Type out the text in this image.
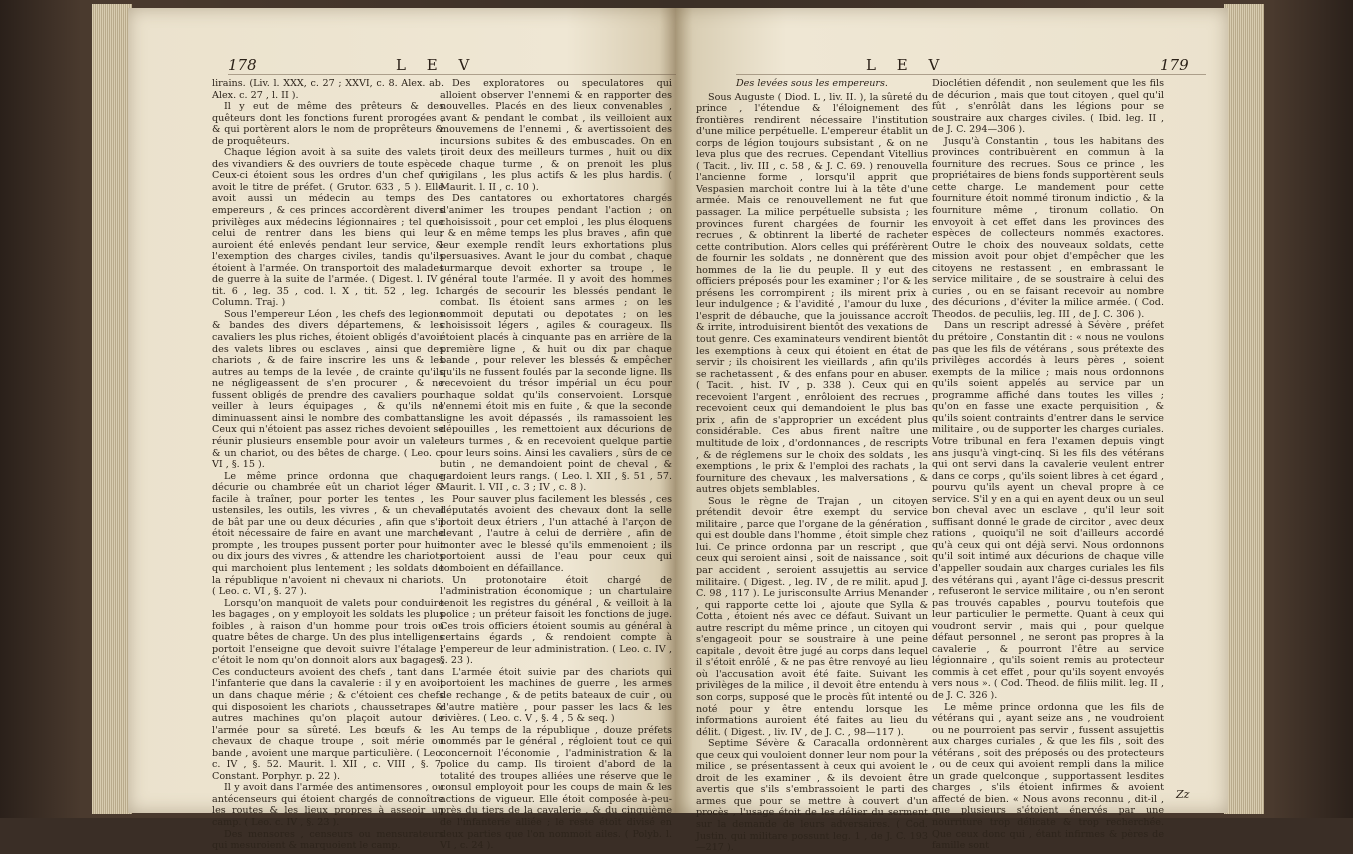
178	L E V

lirains. (Liv. l. XXX, c. 27 ; XXVI, c. 8. Alex. ab. Alex. c. 27 , l. II ).

Il y eut de même des prêteurs & des quêteurs dont les fonctions furent prorogées , & qui portèrent alors le nom de proprêteurs & de proquêteurs.

Chaque légion avoit à sa suite des valets , des vivandiers & des ouvriers de toute espèce. Ceux-ci étoient sous les ordres d'un chef qui avoit le titre de préfet. ( Grutor. 633 , 5 ). Elle avoit aussi un médecin au temps des empereurs , & ces princes accordèrent divers privilèges aux médecins légionnaires ; tel que celui de rentrer dans les biens qui leur auroient été enlevés pendant leur service, & l'exemption des charges civiles, tandis qu'ils étoient à l'armée. On transportoit des malades de guerre à la suite de l'armée. ( Digest. l. IV , tit. 6 , leg. 35 , cod. l. X , tit. 52 , leg. 1. Column. Traj. )

Sous l'empereur Léon , les chefs des legions & bandes des divers départemens, & les cavaliers les plus riches, étoient obligés d'avoir des valets libres ou esclaves , ainsi que des chariots , & de faire inscrire les uns & les autres au temps de la levée , de crainte qu'ils ne négligeassent de s'en procurer , & ne fussent obligés de prendre des cavaliers pour veiller à leurs équipages , & qu'ils ne diminuassent ainsi le nombre des combattans. Ceux qui n'étoient pas assez riches devoient se réunir plusieurs ensemble pour avoir un valet & un chariot, ou des bêtes de charge. ( Leo. c. VI , §. 15 ).

Le même prince ordonna que chaque décurie ou chambrée eût un chariot léger & facile à traîner, pour porter les tentes , les ustensiles, les outils, les vivres , & un cheval de bât par une ou deux décuries , afin que s'il étoit nécessaire de faire en avant une marche prompte , les troupes pussent porter pour huit ou dix jours des vivres , & attendre les chariots qui marchoient plus lentement ; les soldats de la république n'avoient ni chevaux ni chariots. ( Leo. c. VI , §. 27 ).

Lorsqu'on manquoit de valets pour conduire les bagages , on y employoit les soldats les plus foibles , à raison d'un homme pour trois ou quatre bêtes de charge. Un des plus intelligens portoit l'enseigne que devoit suivre l'étalage ; c'étoit le nom qu'on donnoit alors aux bagages. Ces conducteurs avoient des chefs , tant dans l'infanterie que dans la cavalerie : il y en avoit un dans chaque mérie ; & c'étoient ces chefs qui disposoient les chariots , chaussetrapes & autres machines qu'on plaçoit autour de l'armée pour sa sûreté. Les bœufs & les chevaux de chaque troupe , soit mérie ou bande , avoient une marque particulière. ( Leo. c. IV , §. 52. Maurit. l. XII , c. VIII , §. 7. Constant. Porphyr. p. 22 ).

Il y avoit dans l'armée des antimensores , ou antécenseurs qui étoient chargés de connoître les routes & les lieux propres à asseoir un camp. ( Leo. c. IV , §. 23 ).

Des mensores , censeurs ou mensurateurs qui mesuroient & marquoient le camp.

Des exploratores ou speculatores qui alloient observer l'ennemi & en rapporter des nouvelles. Placés en des lieux convenables , avant & pendant le combat , ils veilloient aux mouvemens de l'ennemi , & avertissoient des incursions subites & des embuscades. On en tiroit deux des meilleurs turmes , huit ou dix de chaque turme , & on prenoit les plus vigilans , les plus actifs & les plus hardis. ( Maurit. l. II , c. 10 ).

Des cantatores ou exhortatores chargés d'animer les troupes pendant l'action ; on choisissoit , pour cet emploi , les plus éloquens ; & en même temps les plus braves , afin que leur exemple rendît leurs exhortations plus persuasives. Avant le jour du combat , chaque turmarque devoit exhorter sa troupe , le général toute l'armée. Il y avoit des hommes chargés de secourir les blessés pendant le combat. Ils étoient sans armes ; on les nommoit deputati ou depotates ; on les choisissoit légers , agiles & courageux. Ils étoient placés à cinquante pas en arrière de la première ligne , & huit ou dix par chaque bande , pour relever les blessés & empêcher qu'ils ne fussent foulés par la seconde ligne. Ils recevoient du trésor impérial un écu pour chaque soldat qu'ils conservoient. Lorsque l'ennemi étoit mis en fuite , & que la seconde ligne les avoit dépassés , ils ramassoient les dépouilles , les remettoient aux décurions de leurs turmes , & en recevoient quelque partie pour leurs soins. Ainsi les cavaliers , sûrs de ce butin , ne demandoient point de cheval , & gardoient leurs rangs. ( Leo. l. XII , §. 51 , 57. Maurit. l. VII , c. 3 ; IV , c. 8 ).

Pour sauver plus facilement les blessés , ces députatés avoient des chevaux dont la selle portoit deux étriers , l'un attaché à l'arçon de devant , l'autre à celui de derrière , afin de monter avec le blessé qu'ils emmenoient ; ils portoient aussi de l'eau pour ceux qui tomboient en défaillance.

Un protonotaire étoit chargé de l'administration économique ; un chartulaire tenoit les registres du général , & veilloit à la police ; un préteur faisoit les fonctions de juge. Ces trois officiers étoient soumis au général à certains égards , & rendoient compte à l'empereur de leur administration. ( Leo. c. IV , §. 23 ).

L'armée étoit suivie par des chariots qui portoient les machines de guerre , les armes de rechange , & de petits bateaux de cuir , ou d'autre matière , pour passer les lacs & les rivières. ( Leo. c. V , §. 4 , 5 & seq. )

Au temps de la république , douze préfets nommés par le général , régloient tout ce qui concernoit l'économie , l'administration & la police du camp. Ils tiroient d'abord de la totalité des troupes alliées une réserve que le consul employoit pour les coups de main & les actions de vigueur. Elle étoit composée à-peu-près du tiers de la cavalerie , & du cinquième de l'infanterie alliée ; le reste étoit divisé en deux parties que l'on nommoit ailes. ( Polyb. l. VI , c. 24 ).

L E V	179

Des levées sous les empereurs.

Sous Auguste ( Diod. L , liv. II. ), la sûreté du prince , l'étendue & l'éloignement des frontières rendirent nécessaire l'institution d'une milice perpétuelle. L'empereur établit un corps de légion toujours subsistant , & on ne leva plus que des recrues. Cependant Vitellius ( Tacit. , liv. III , c. 58 , & J. C. 69. ) renouvella l'ancienne forme , lorsqu'il apprit que Vespasien marchoit contre lui à la tête d'une armée. Mais ce renouvellement ne fut que passager. La milice perpétuelle subsista ; les provinces furent chargées de fournir les recrues , & obtinrent la liberté de racheter cette contribution. Alors celles qui préférèrent de fournir les soldats , ne donnèrent que des hommes de la lie du peuple. Il y eut des officiers préposés pour les examiner ; l'or & les présens les corrompirent ; ils mirent prix à leur indulgence ; & l'avidité , l'amour du luxe , l'esprit de débauche, que la jouissance accroît & irrite, introduisirent bientôt des vexations de tout genre. Ces examinateurs vendirent bientôt les exemptions à ceux qui étoient en état de servir ; ils choisirent les vieillards , afin qu'ils se rachetassent , & des enfans pour en abuser. ( Tacit. , hist. IV , p. 338 ). Ceux qui en recevoient l'argent , enrôloient des recrues , recevoient ceux qui demandoient le plus bas prix , afin de s'approprier un excédent plus considérable. Ces abus firent naître une multitude de loix , d'ordonnances , de rescripts , & de réglemens sur le choix des soldats , les exemptions , le prix & l'emploi des rachats , la fourniture des chevaux , les malversations , & autres objets semblables.

Sous le règne de Trajan , un citoyen prétendit devoir être exempt du service militaire , parce que l'organe de la génération , qui est double dans l'homme , étoit simple chez lui. Ce prince ordonna par un rescript , que ceux qui seroient ainsi , soit de naissance , soit par accident , seroient assujettis au service militaire. ( Digest. , leg. IV , de re milit. apud J. C. 98 , 117 ). Le jurisconsulte Arrius Menander , qui rapporte cette loi , ajoute que Sylla & Cotta , étoient nés avec ce défaut. Suivant un autre rescript du même prince , un citoyen qui s'engageoit pour se soustraire à une peine capitale , devoit être jugé au corps dans lequel il s'étoit enrôlé , & ne pas être renvoyé au lieu où l'accusation avoit été faite. Suivant les privilèges de la milice , il devoit être entendu à son corps, supposé que le procès fût intenté ou noté pour y être entendu lorsque les informations auroient été faites au lieu du délit. ( Digest. , liv. IV , de J. C. , 98—117 ).

Septime Sévère & Caracalla ordonnèrent que ceux qui vouloient donner leur nom pour la milice , se présentassent à ceux qui avoient le droit de les examiner , & ils devoient être avertis que s'ils s'embrassoient le parti des armes que pour se mettre à couvert d'un procès , l'usage étoit de les délier du serment sur la demande de leurs adversaires. ( Cod. Justin. qui militare possunt leg. 1 , de J. C. 193—217 ).

Dioclétien défendit , non seulement que les fils de décurion , mais que tout citoyen , quel qu'il fût , s'enrôlât dans les légions pour se soustraire aux charges civiles. ( Ibid. leg. II , de J. C. 294—306 ).

Jusqu'à Constantin , tous les habitans des provinces contribuèrent en commun à la fourniture des recrues. Sous ce prince , les propriétaires de biens fonds supportèrent seuls cette charge. Le mandement pour cette fourniture étoit nommé tironum indictio , & la fourniture même , tironum collatio. On envoyoit à cet effet dans les provinces des espèces de collecteurs nommés exactores. Outre le choix des nouveaux soldats, cette mission avoit pour objet d'empêcher que les citoyens ne restassent , en embrassant le service militaire , de se soustraire à celui des curies , ou en se faisant recevoir au nombre des décurions , d'éviter la milice armée. ( Cod. Theodos. de peculiis, leg. III , de J. C. 306 ).

Dans un rescript adressé à Sévère , préfet du prétoire , Constantin dit : « nous ne voulons pas que les fils de vétérans , sous prétexte des privilèges accordés à leurs pères , soient exempts de la milice ; mais nous ordonnons qu'ils soient appelés au service par un programme affiché dans toutes les villes ; qu'on en fasse une exacte perquisition , & qu'ils soient contraints d'entrer dans le service militaire , ou de supporter les charges curiales. Votre tribunal en fera l'examen depuis vingt ans jusqu'à vingt-cinq. Si les fils des vétérans qui ont servi dans la cavalerie veulent entrer dans ce corps , qu'ils soient libres à cet égard , pourvu qu'ils ayent un cheval propre à ce service. S'il y en a qui en ayent deux ou un seul bon cheval avec un esclave , qu'il leur soit suffisant donné le grade de circitor , avec deux rations , quoiqu'il ne soit d'ailleurs accordé qu'à ceux qui ont déjà servi. Nous ordonnons qu'il soit intimé aux décurions de chaque ville d'appeller soudain aux charges curiales les fils des vétérans qui , ayant l'âge ci-dessus prescrit , refuseront le service militaire , ou n'en seront pas trouvés capables , pourvu toutefois que leur particulier le permette. Quant à ceux qui voudront servir , mais qui , pour quelque défaut personnel , ne seront pas propres à la cavalerie , & pourront l'être au service légionnaire , qu'ils soient remis au protecteur commis à cet effet , pour qu'ils soyent envoyés vers nous ». ( Cod. Theod. de filiis milit. leg. II , de J. C. 326 ).

Le même prince ordonna que les fils de vétérans qui , ayant seize ans , ne voudroient ou ne pourroient pas servir , fussent assujettis aux charges curiales , & que les fils , soit des vétérans , soit des préposés ou des protecteurs , ou de ceux qui avoient rempli dans la milice un grade quelconque , supportassent lesdites charges , s'ils étoient infirmes & avoient affecté de bien. « Nous avons reconnu , dit-il , que plusieurs s'étoient énervés par une nourriture trop délicate & trop recherchée. Que ceux donc qui , étant infirmes & pères de famille sont

Zz
